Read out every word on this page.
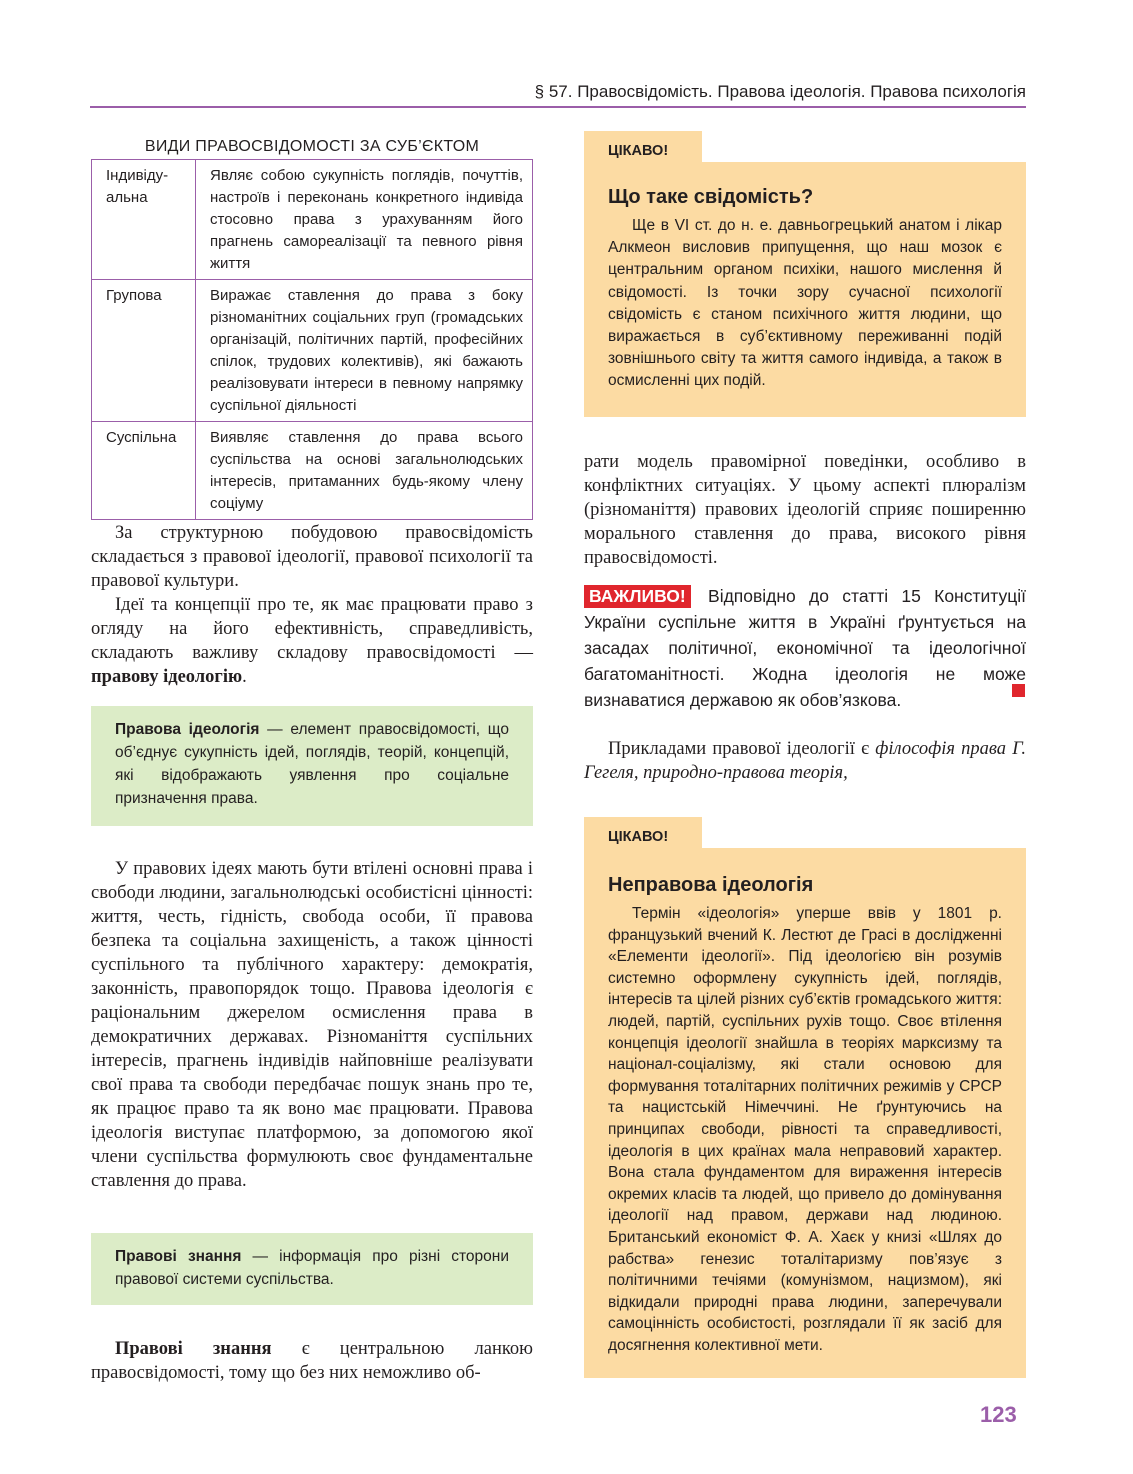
§ 57. Правосвідомість. Правова ідеологія. Правова психологія
ВИДИ ПРАВОСВІДОМОСТІ ЗА СУБ’ЄКТОМ
Індивіду-
альна	Являє собою сукупність поглядів, почуттів, настроїв і переконань конкретного індивіда стосовно права з урахуванням його прагнень самореалізації та певного рівня життя
Групова	Виражає ставлення до права з боку різноманітних соціальних груп (громадських організацій, політичних партій, професійних спілок, трудових колективів), які бажають реалізовувати інтереси в певному напрямку суспільної діяльності
Суспільна	Виявляє ставлення до права всього суспільства на основі загальнолюдських інтересів, притаманних будь-якому члену соціуму

За структурною побудовою правосвідомість складається з правової ідеології, правової психології та правової культури.

Ідеї та концепції про те, як має працювати право з огляду на його ефективність, справедливість, складають важливу складову правосвідомості — правову ідеологію.

Правова ідеологія — елемент правосвідомості, що об’єднує сукупність ідей, поглядів, теорій, концепцій, які відображають уявлення про соціальне призначення права.

У правових ідеях мають бути втілені основні права і свободи людини, загальнолюдські особистісні цінності: життя, честь, гідність, свобода особи, її правова безпека та соціальна захищеність, а також цінності суспільного та публічного характеру: демократія, законність, правопорядок тощо. Правова ідеологія є раціональним джерелом осмислення права в демократичних державах. Різноманіття суспільних інтересів, прагнень індивідів найповніше реалізувати свої права та свободи передбачає пошук знань про те, як працює право та як воно має працювати. Правова ідеологія виступає платформою, за допомогою якої члени суспільства формулюють своє фундаментальне ставлення до права.

Правові знання — інформація про різні сторони правової системи суспільства.

Правові знання є центральною ланкою правосвідомості, тому що без них неможливо об-

ЦІКАВО!
Що таке свідомість?

Ще в VI ст. до н. е. давньогрецький анатом і лікар Алкмеон висловив припущення, що наш мозок є центральним органом психіки, нашого мислення й свідомості. Із точки зору сучасної психології свідомість є станом психічного життя людини, що виражається в суб’єктивному переживанні подій зовнішнього світу та життя самого індивіда, а також в осмисленні цих подій.

рати модель правомірної поведінки, особливо в конфліктних ситуаціях. У цьому аспекті плюралізм (різноманіття) правових ідеологій сприяє поширенню морального ставлення до права, високого рівня правосвідомості.

ВАЖЛИВО! Відповідно до статті 15 Конституції України суспільне життя в Україні ґрунтується на засадах політичної, економічної та ідеологічної багатоманітності. Жодна ідеологія не може визнаватися державою як обов’язкова.

Прикладами правової ідеології є філософія права Г. Гегеля, природно-правова теорія,

ЦІКАВО!
Неправова ідеологія

Термін «ідеологія» уперше ввів у 1801 р. французький вчений К. Лестют де Грасі в дослідженні «Елементи ідеології». Під ідеологією він розумів системно оформлену сукупність ідей, поглядів, інтересів та цілей різних суб’єктів громадського життя: людей, партій, суспільних рухів тощо. Своє втілення концепція ідеології знайшла в теоріях марксизму та націонал-соціалізму, які стали основою для формування тоталітарних політичних режимів у СРСР та нацистській Німеччині. Не ґрунтуючись на принципах свободи, рівності та справедливості, ідеологія в цих країнах мала неправовий характер. Вона стала фундаментом для вираження інтересів окремих класів та людей, що привело до домінування ідеології над правом, держави над людиною. Британський економіст Ф. А. Хаєк у книзі «Шлях до рабства» генезис тоталітаризму пов’язує з політичними течіями (комунізмом, нацизмом), які відкидали природні права людини, заперечували самоцінність особистості, розглядали її як засіб для досягнення колективної мети.

123
